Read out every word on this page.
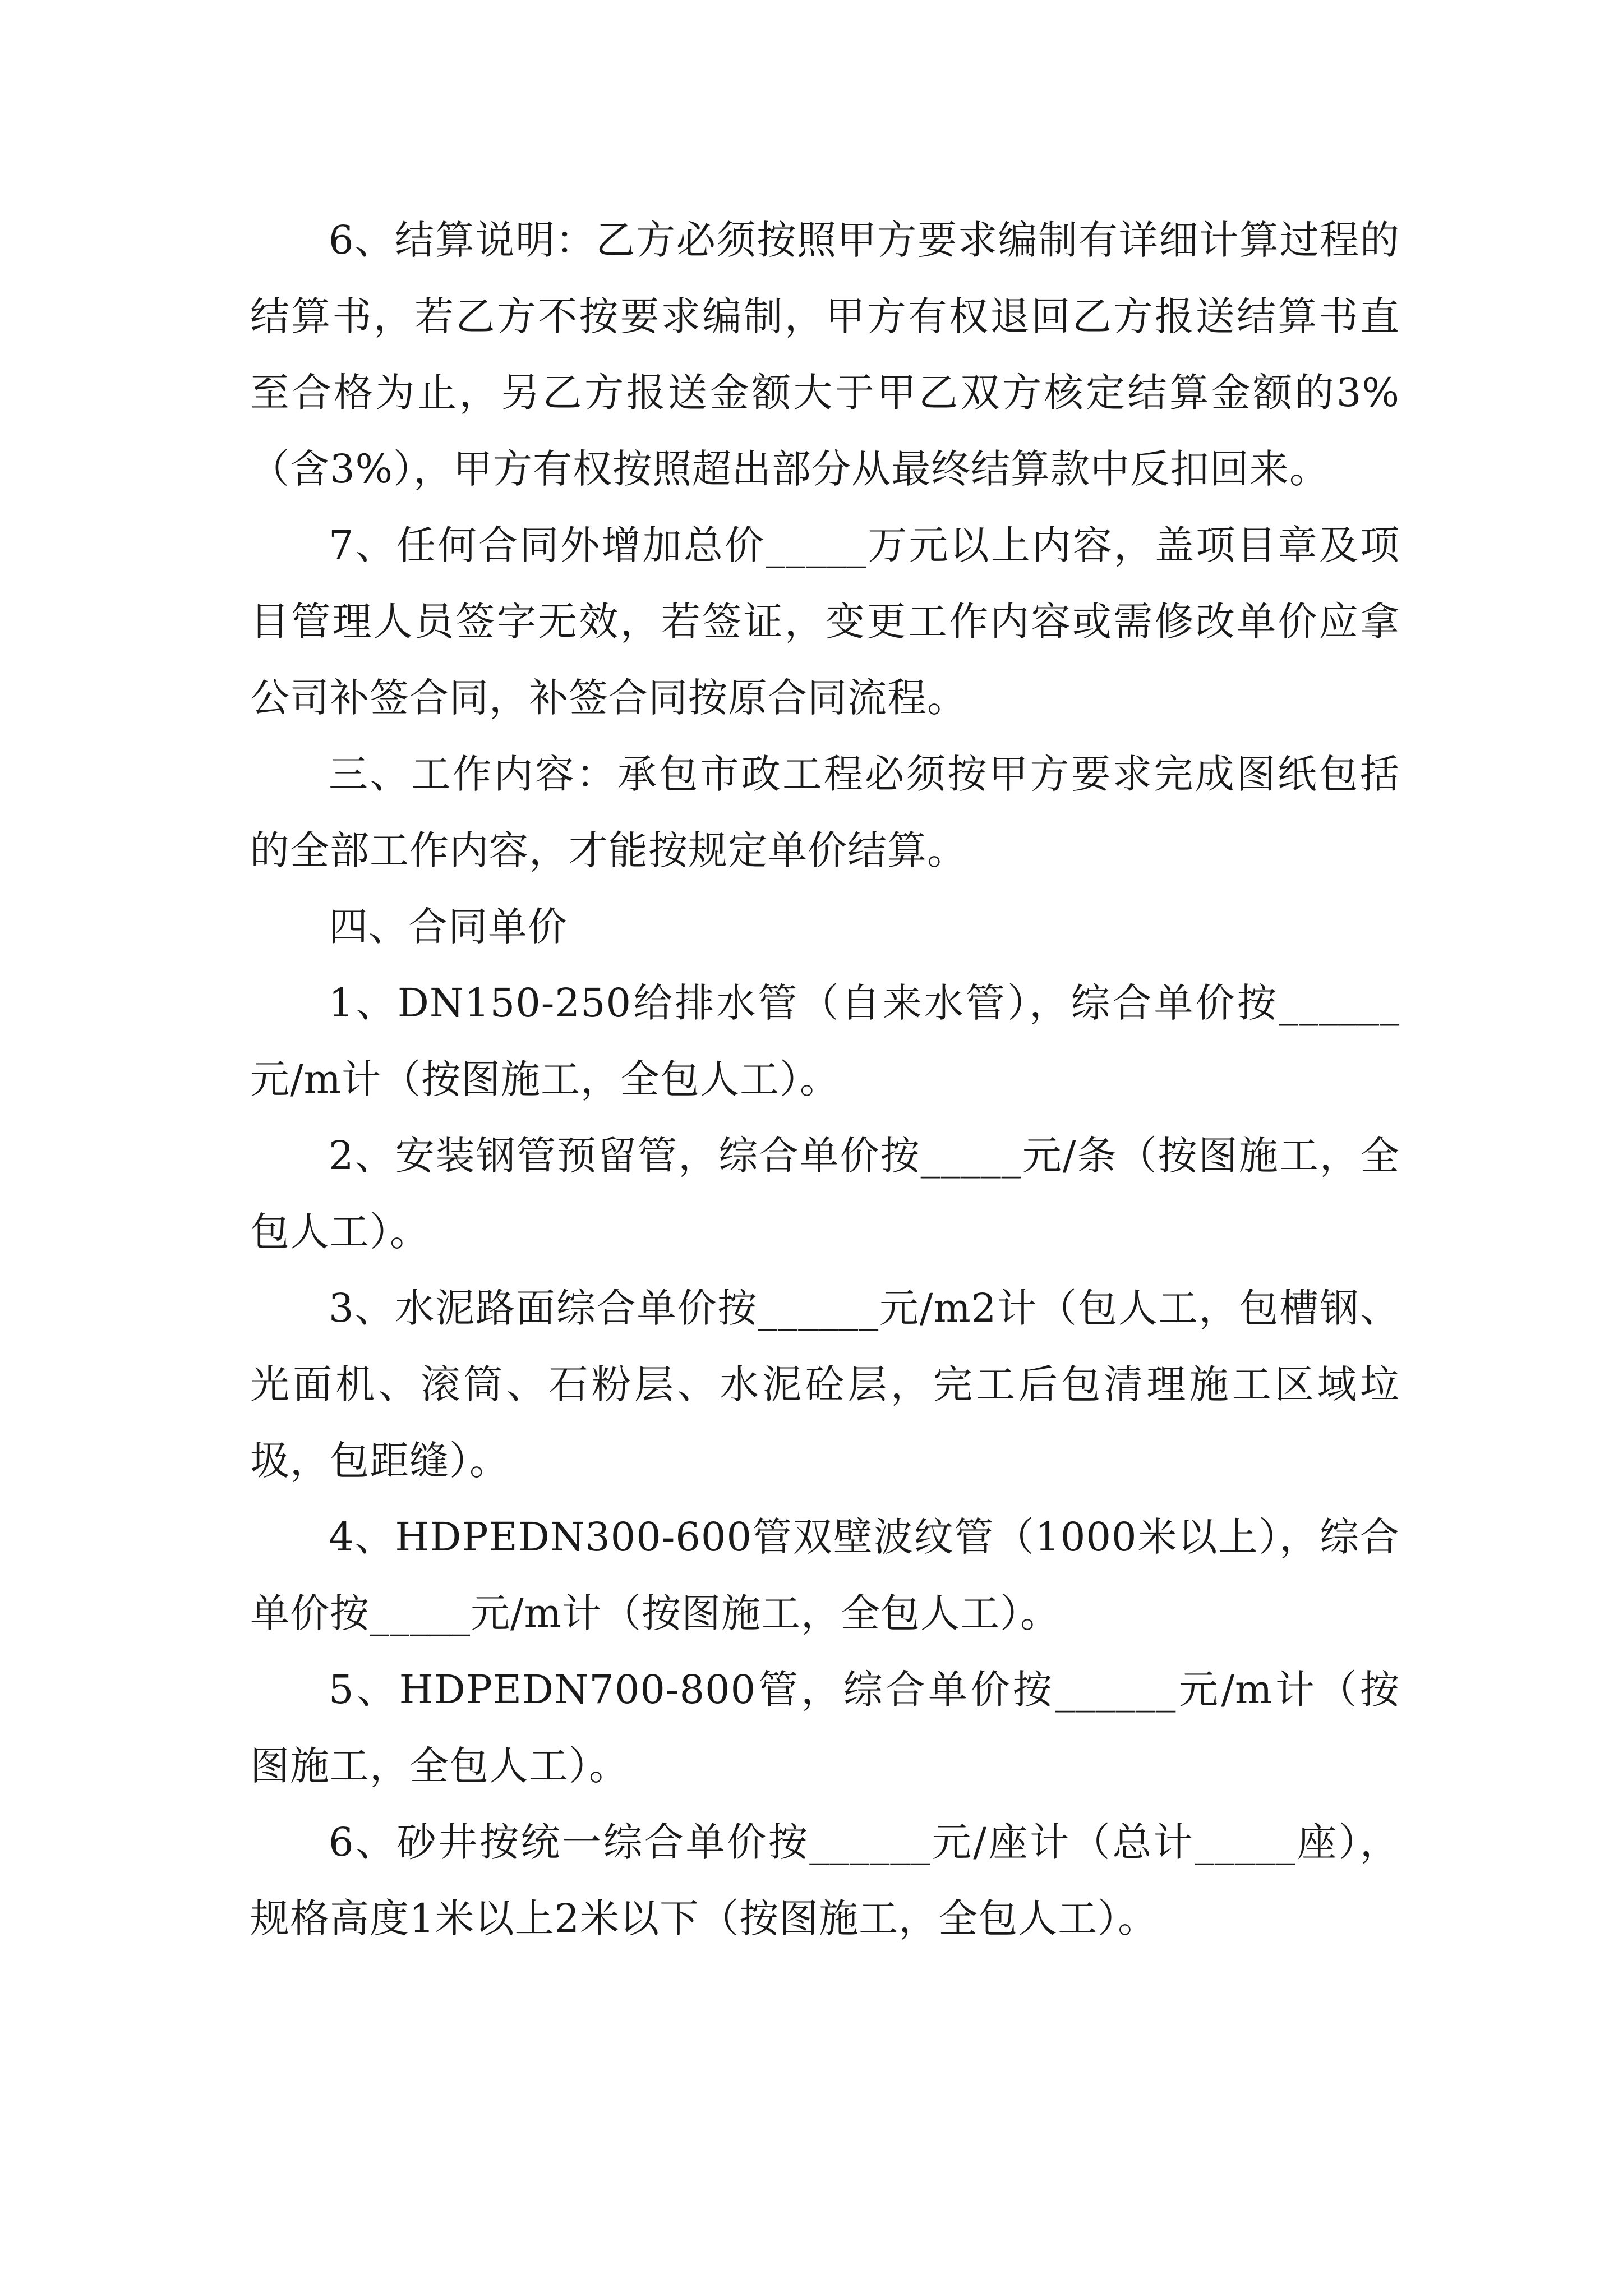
6、结算说明：乙方必须按照甲方要求编制有详细计算过程的结算书，若乙方不按要求编制，甲方有权退回乙方报送结算书直至合格为止，另乙方报送金额大于甲乙双方核定结算金额的3%（含3%），甲方有权按照超出部分从最终结算款中反扣回来。

7、任何合同外增加总价_____万元以上内容，盖项目章及项目管理人员签字无效，若签证，变更工作内容或需修改单价应拿公司补签合同，补签合同按原合同流程。

三、工作内容：承包市政工程必须按甲方要求完成图纸包括的全部工作内容，才能按规定单价结算。

四、合同单价

1、DN150-250给排水管（自来水管），综合单价按______元/m计（按图施工，全包人工）。

2、安装钢管预留管，综合单价按_____元/条（按图施工，全包人工）。

3、水泥路面综合单价按______元/m2计（包人工，包槽钢、光面机、滚筒、石粉层、水泥砼层，完工后包清理施工区域垃圾，包距缝）。

4、HDPEDN300-600管双壁波纹管（1000米以上），综合单价按_____元/m计（按图施工，全包人工）。

5、HDPEDN700-800管，综合单价按______元/m计（按图施工，全包人工）。

6、砂井按统一综合单价按______元/座计（总计_____座），规格高度1米以上2米以下（按图施工，全包人工）。
